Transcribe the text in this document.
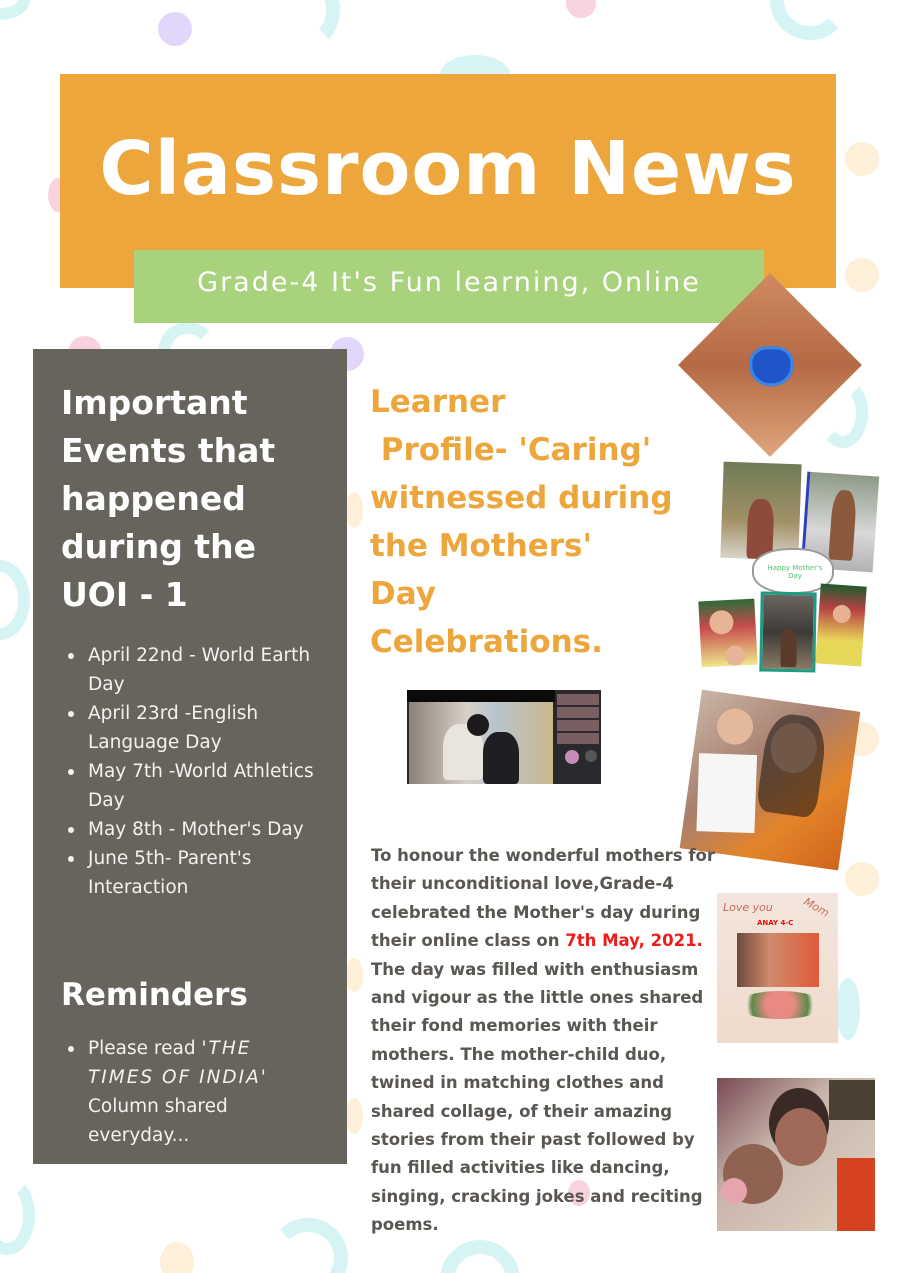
Classroom News
Grade-4 It's Fun learning, Online
Important
Events that
happened
during the
UOI - 1
April 22nd - World Earth Day
April 23rd -English Language Day
May 7th -World Athletics Day
May 8th - Mother's Day
June 5th- Parent's Interaction
Reminders
Please read 'THE TIMES OF INDIA' Column shared everyday...
Learner
Profile- 'Caring'
witnessed during
the Mothers'
Day
Celebrations.
Happy Mother's Day
Love you	Mom
ANAY 4-C
To honour the wonderful mothers for their unconditional love,Grade-4 celebrated the Mother's day during their online class on 7th May, 2021. The day was filled with enthusiasm and vigour as the little ones shared their fond memories with their mothers. The mother-child duo, twined in matching clothes and shared collage, of their amazing stories from their past followed by fun filled activities like dancing, singing, cracking jokes and reciting poems.
